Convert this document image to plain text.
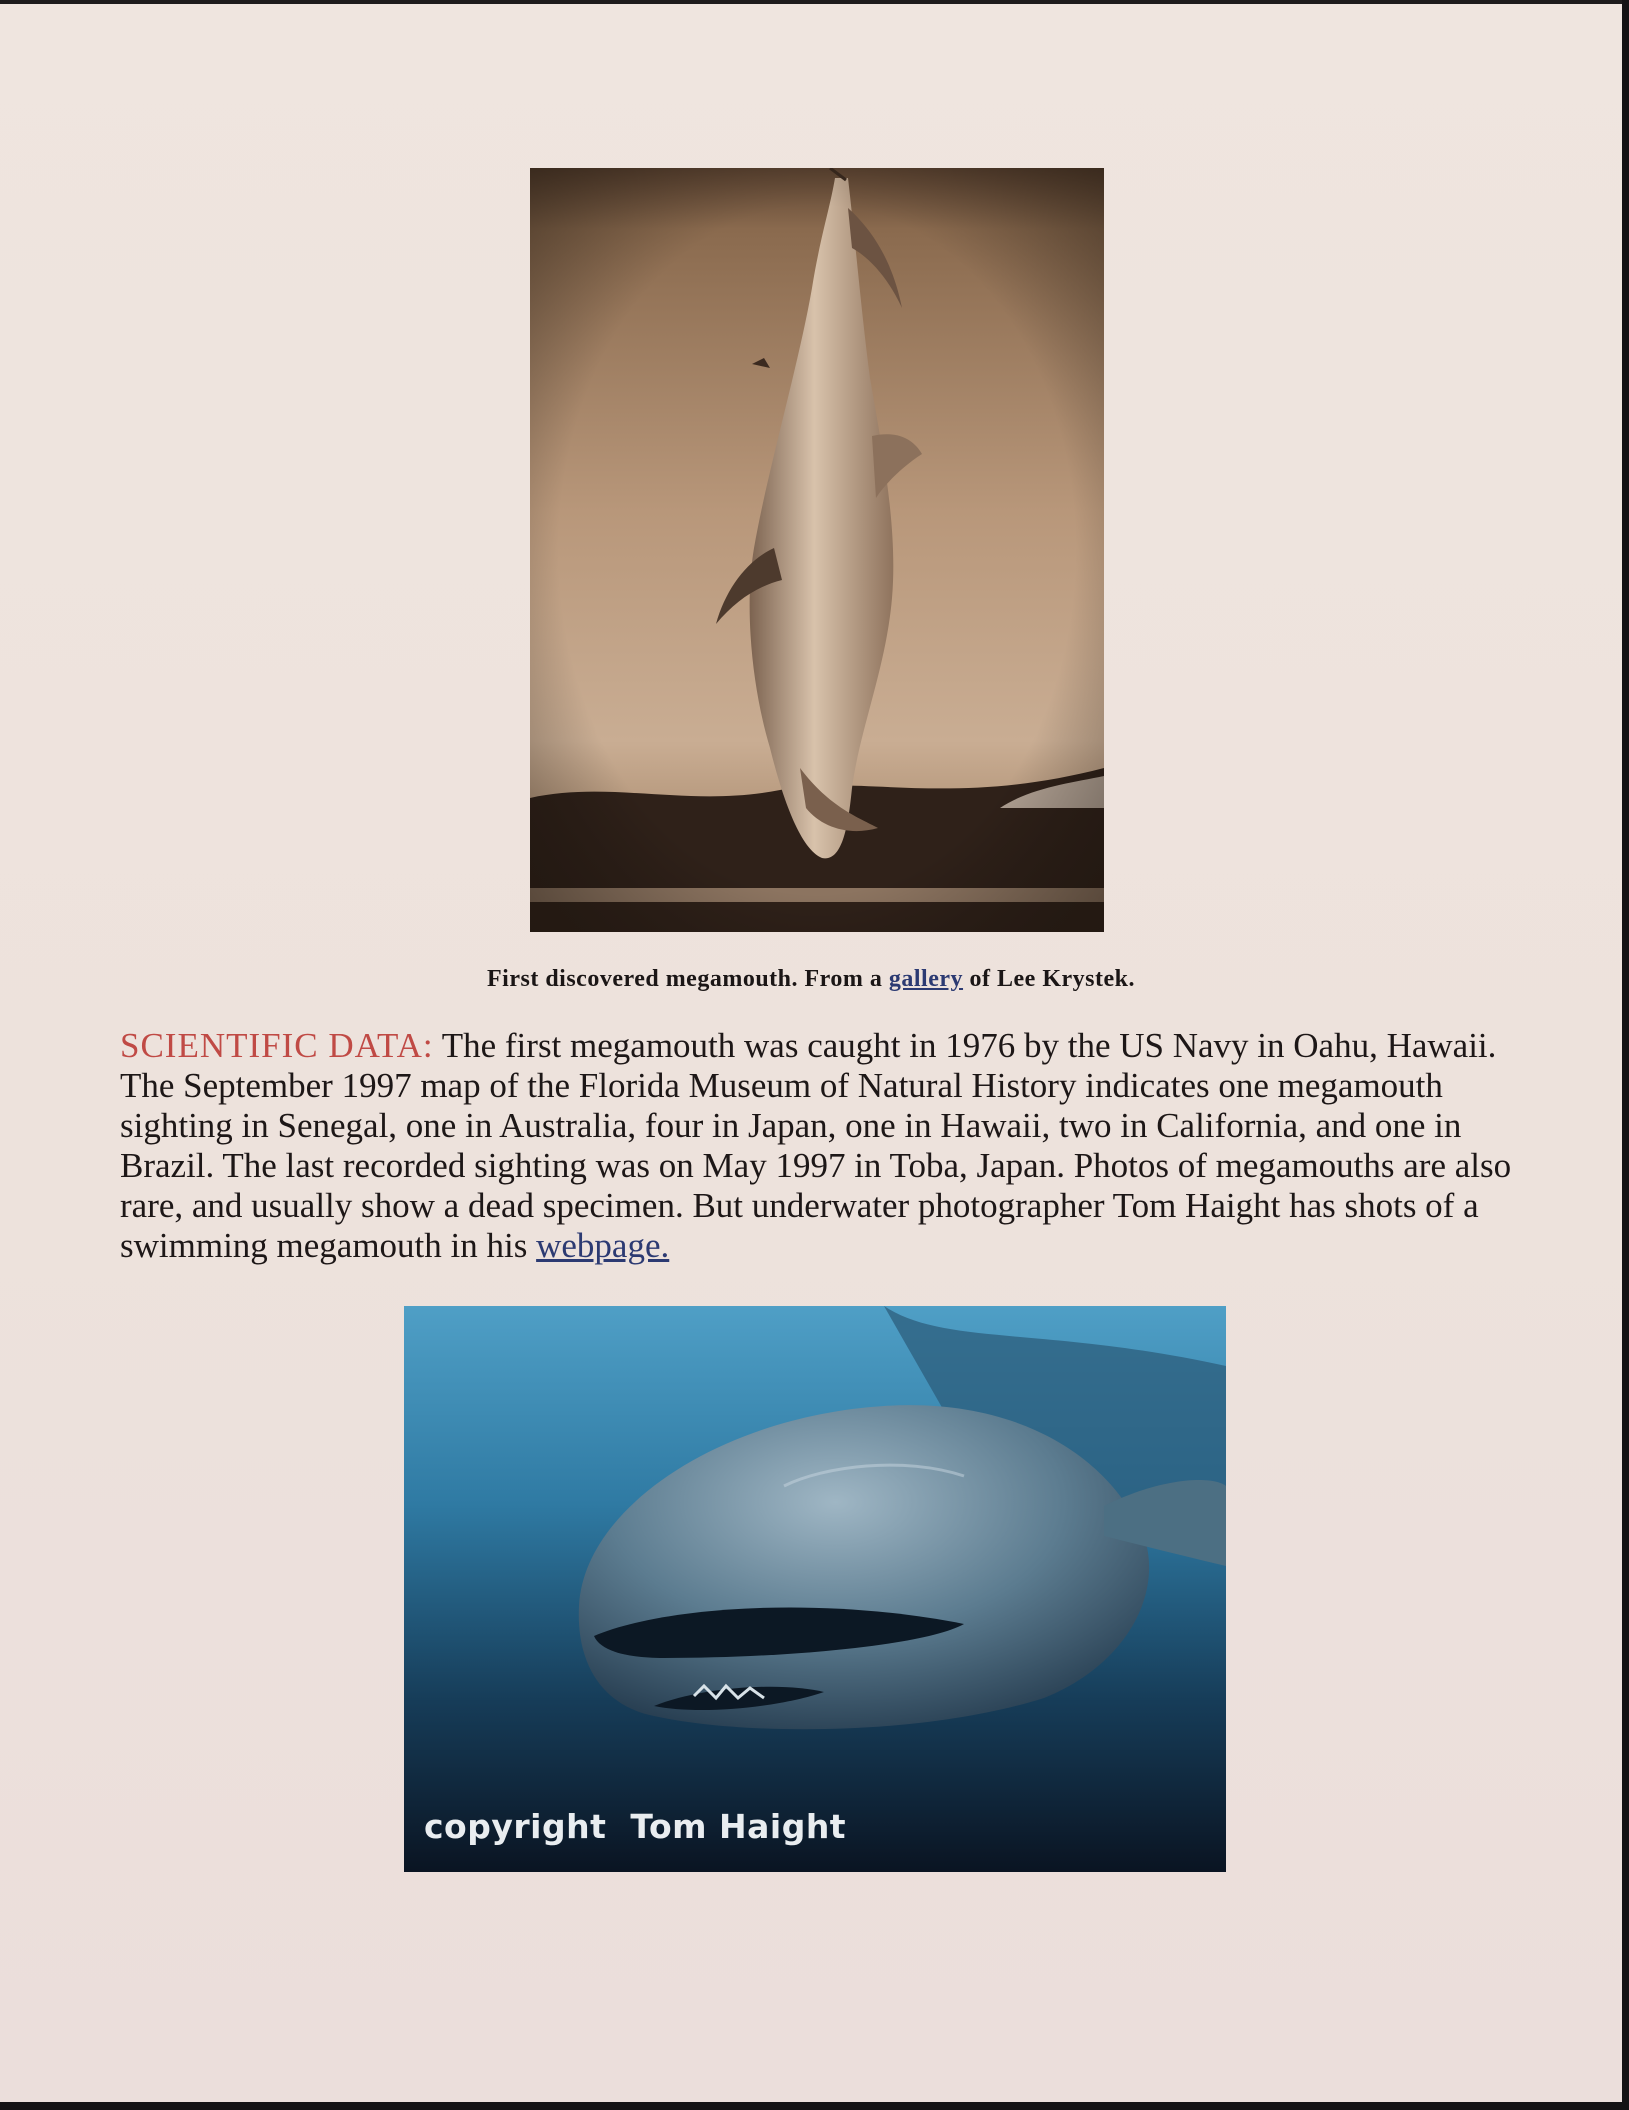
First discovered megamouth. From a gallery of Lee Krystek.
SCIENTIFIC DATA: The first megamouth was caught in 1976 by the US Navy in Oahu, Hawaii. The September 1997 map of the Florida Museum of Natural History indicates one megamouth sighting in Senegal, one in Australia, four in Japan, one in Hawaii, two in California, and one in Brazil. The last recorded sighting was on May 1997 in Toba, Japan. Photos of megamouths are also rare, and usually show a dead specimen. But underwater photographer Tom Haight has shots of a swimming megamouth in his webpage.
copyright  Tom Haight
